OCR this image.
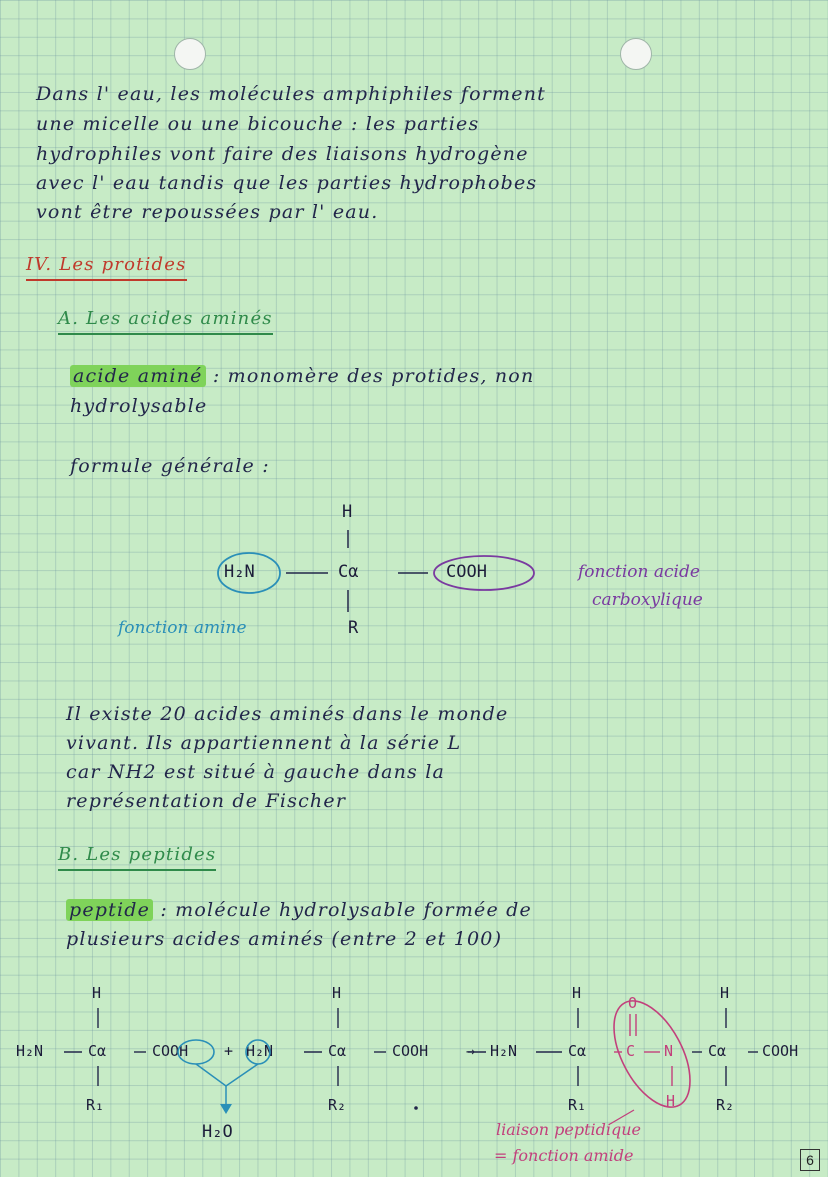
Dans l' eau, les molécules amphiphiles forment

une micelle ou une bicouche : les parties

hydrophiles vont faire des liaisons hydrogène

avec l' eau tandis que les parties hydrophobes

vont être repoussées par l' eau.

IV. Les protides

A. Les acides aminés

acide aminé : monomère des protides, non

hydrolysable

formule générale :

H
H₂N	Cα	COOH
R
fonction amine
fonction acide
carboxylique

Il existe 20 acides aminés dans le monde

vivant. Ils appartiennent à la série L

car NH2 est situé à gauche dans la

représentation de Fischer

B. Les peptides

peptide : molécule hydrolysable formée de

plusieurs acides aminés (entre 2 et 100)

H	H	H	H
O
H₂N	Cα	COOH + H₂N	Cα	COOH	→ H₂N	Cα	C N Cα COOH
R₁	R₂	R₁	H	R₂
H₂O	liaison peptidique
= fonction amide	6
